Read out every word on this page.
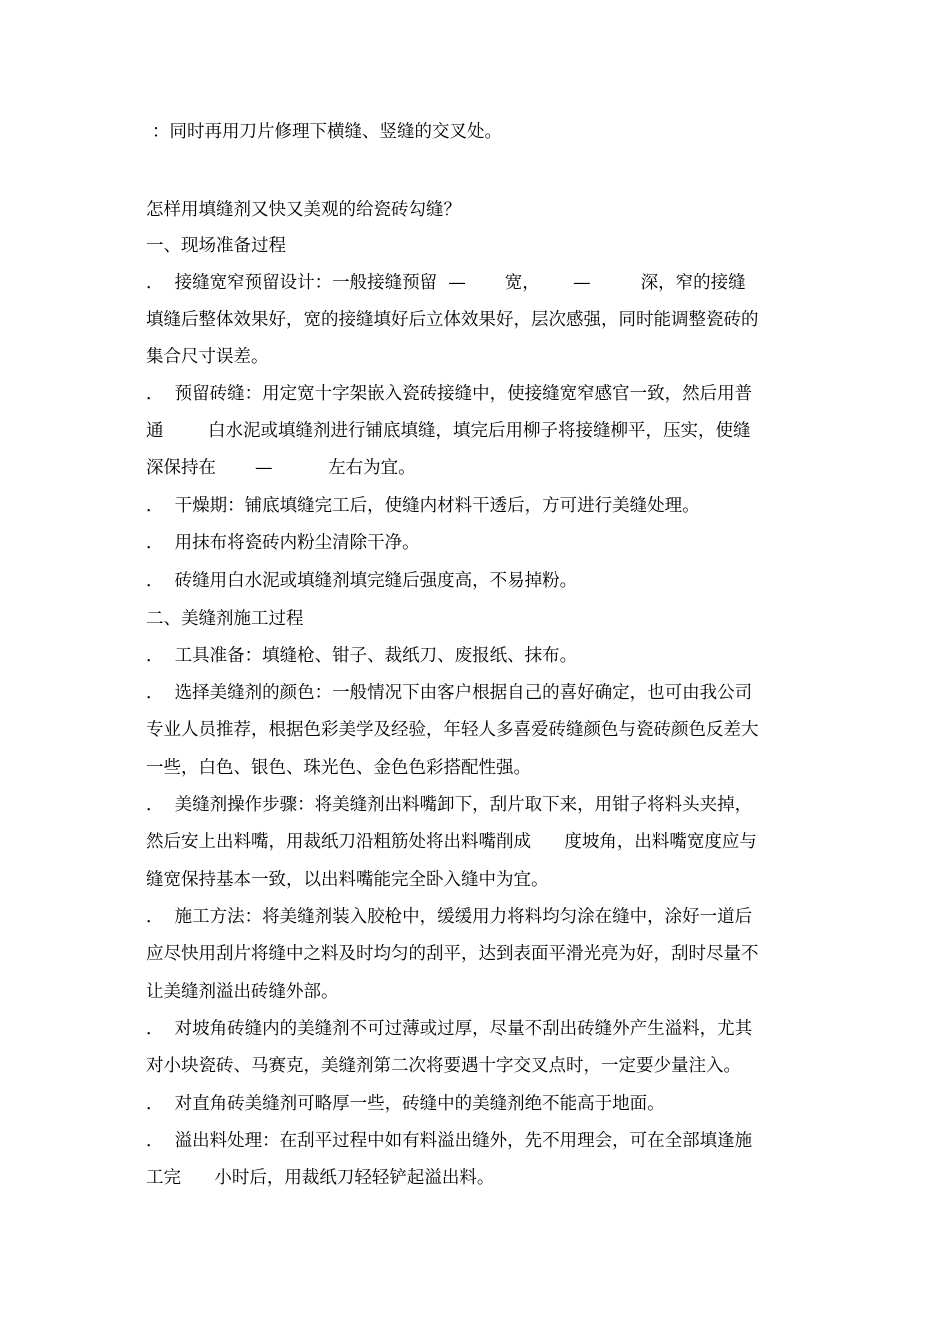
：同时再用刀片修理下横缝、竖缝的交叉处。
怎样用填缝剂又快又美观的给瓷砖勾缝？
一、现场准备过程
．  接缝宽窄预留设计：一般接缝预留  —       宽，      —         深，窄的接缝
填缝后整体效果好，宽的接缝填好后立体效果好，层次感强，同时能调整瓷砖的
集合尺寸误差。
．  预留砖缝：用定宽十字架嵌入瓷砖接缝中，使接缝宽窄感官一致，然后用普
通        白水泥或填缝剂进行铺底填缝，填完后用柳子将接缝柳平，压实，使缝
深保持在       —          左右为宜。
．  干燥期：铺底填缝完工后，使缝内材料干透后，方可进行美缝处理。
．  用抹布将瓷砖内粉尘清除干净。
．  砖缝用白水泥或填缝剂填完缝后强度高，不易掉粉。
二、美缝剂施工过程
．  工具准备：填缝枪、钳子、裁纸刀、废报纸、抹布。
．  选择美缝剂的颜色：一般情况下由客户根据自己的喜好确定，也可由我公司
专业人员推荐，根据色彩美学及经验，年轻人多喜爱砖缝颜色与瓷砖颜色反差大
一些，白色、银色、珠光色、金色色彩搭配性强。
．  美缝剂操作步骤：将美缝剂出料嘴卸下，刮片取下来，用钳子将料头夹掉，
然后安上出料嘴，用裁纸刀沿粗筋处将出料嘴削成      度坡角，出料嘴宽度应与
缝宽保持基本一致，以出料嘴能完全卧入缝中为宜。
．  施工方法：将美缝剂装入胶枪中，缓缓用力将料均匀涂在缝中，涂好一道后
应尽快用刮片将缝中之料及时均匀的刮平，达到表面平滑光亮为好，刮时尽量不
让美缝剂溢出砖缝外部。
．  对坡角砖缝内的美缝剂不可过薄或过厚，尽量不刮出砖缝外产生溢料，尤其
对小块瓷砖、马赛克，美缝剂第二次将要遇十字交叉点时，一定要少量注入。
．  对直角砖美缝剂可略厚一些，砖缝中的美缝剂绝不能高于地面。
．  溢出料处理：在刮平过程中如有料溢出缝外，先不用理会，可在全部填逢施
工完      小时后，用裁纸刀轻轻铲起溢出料。
